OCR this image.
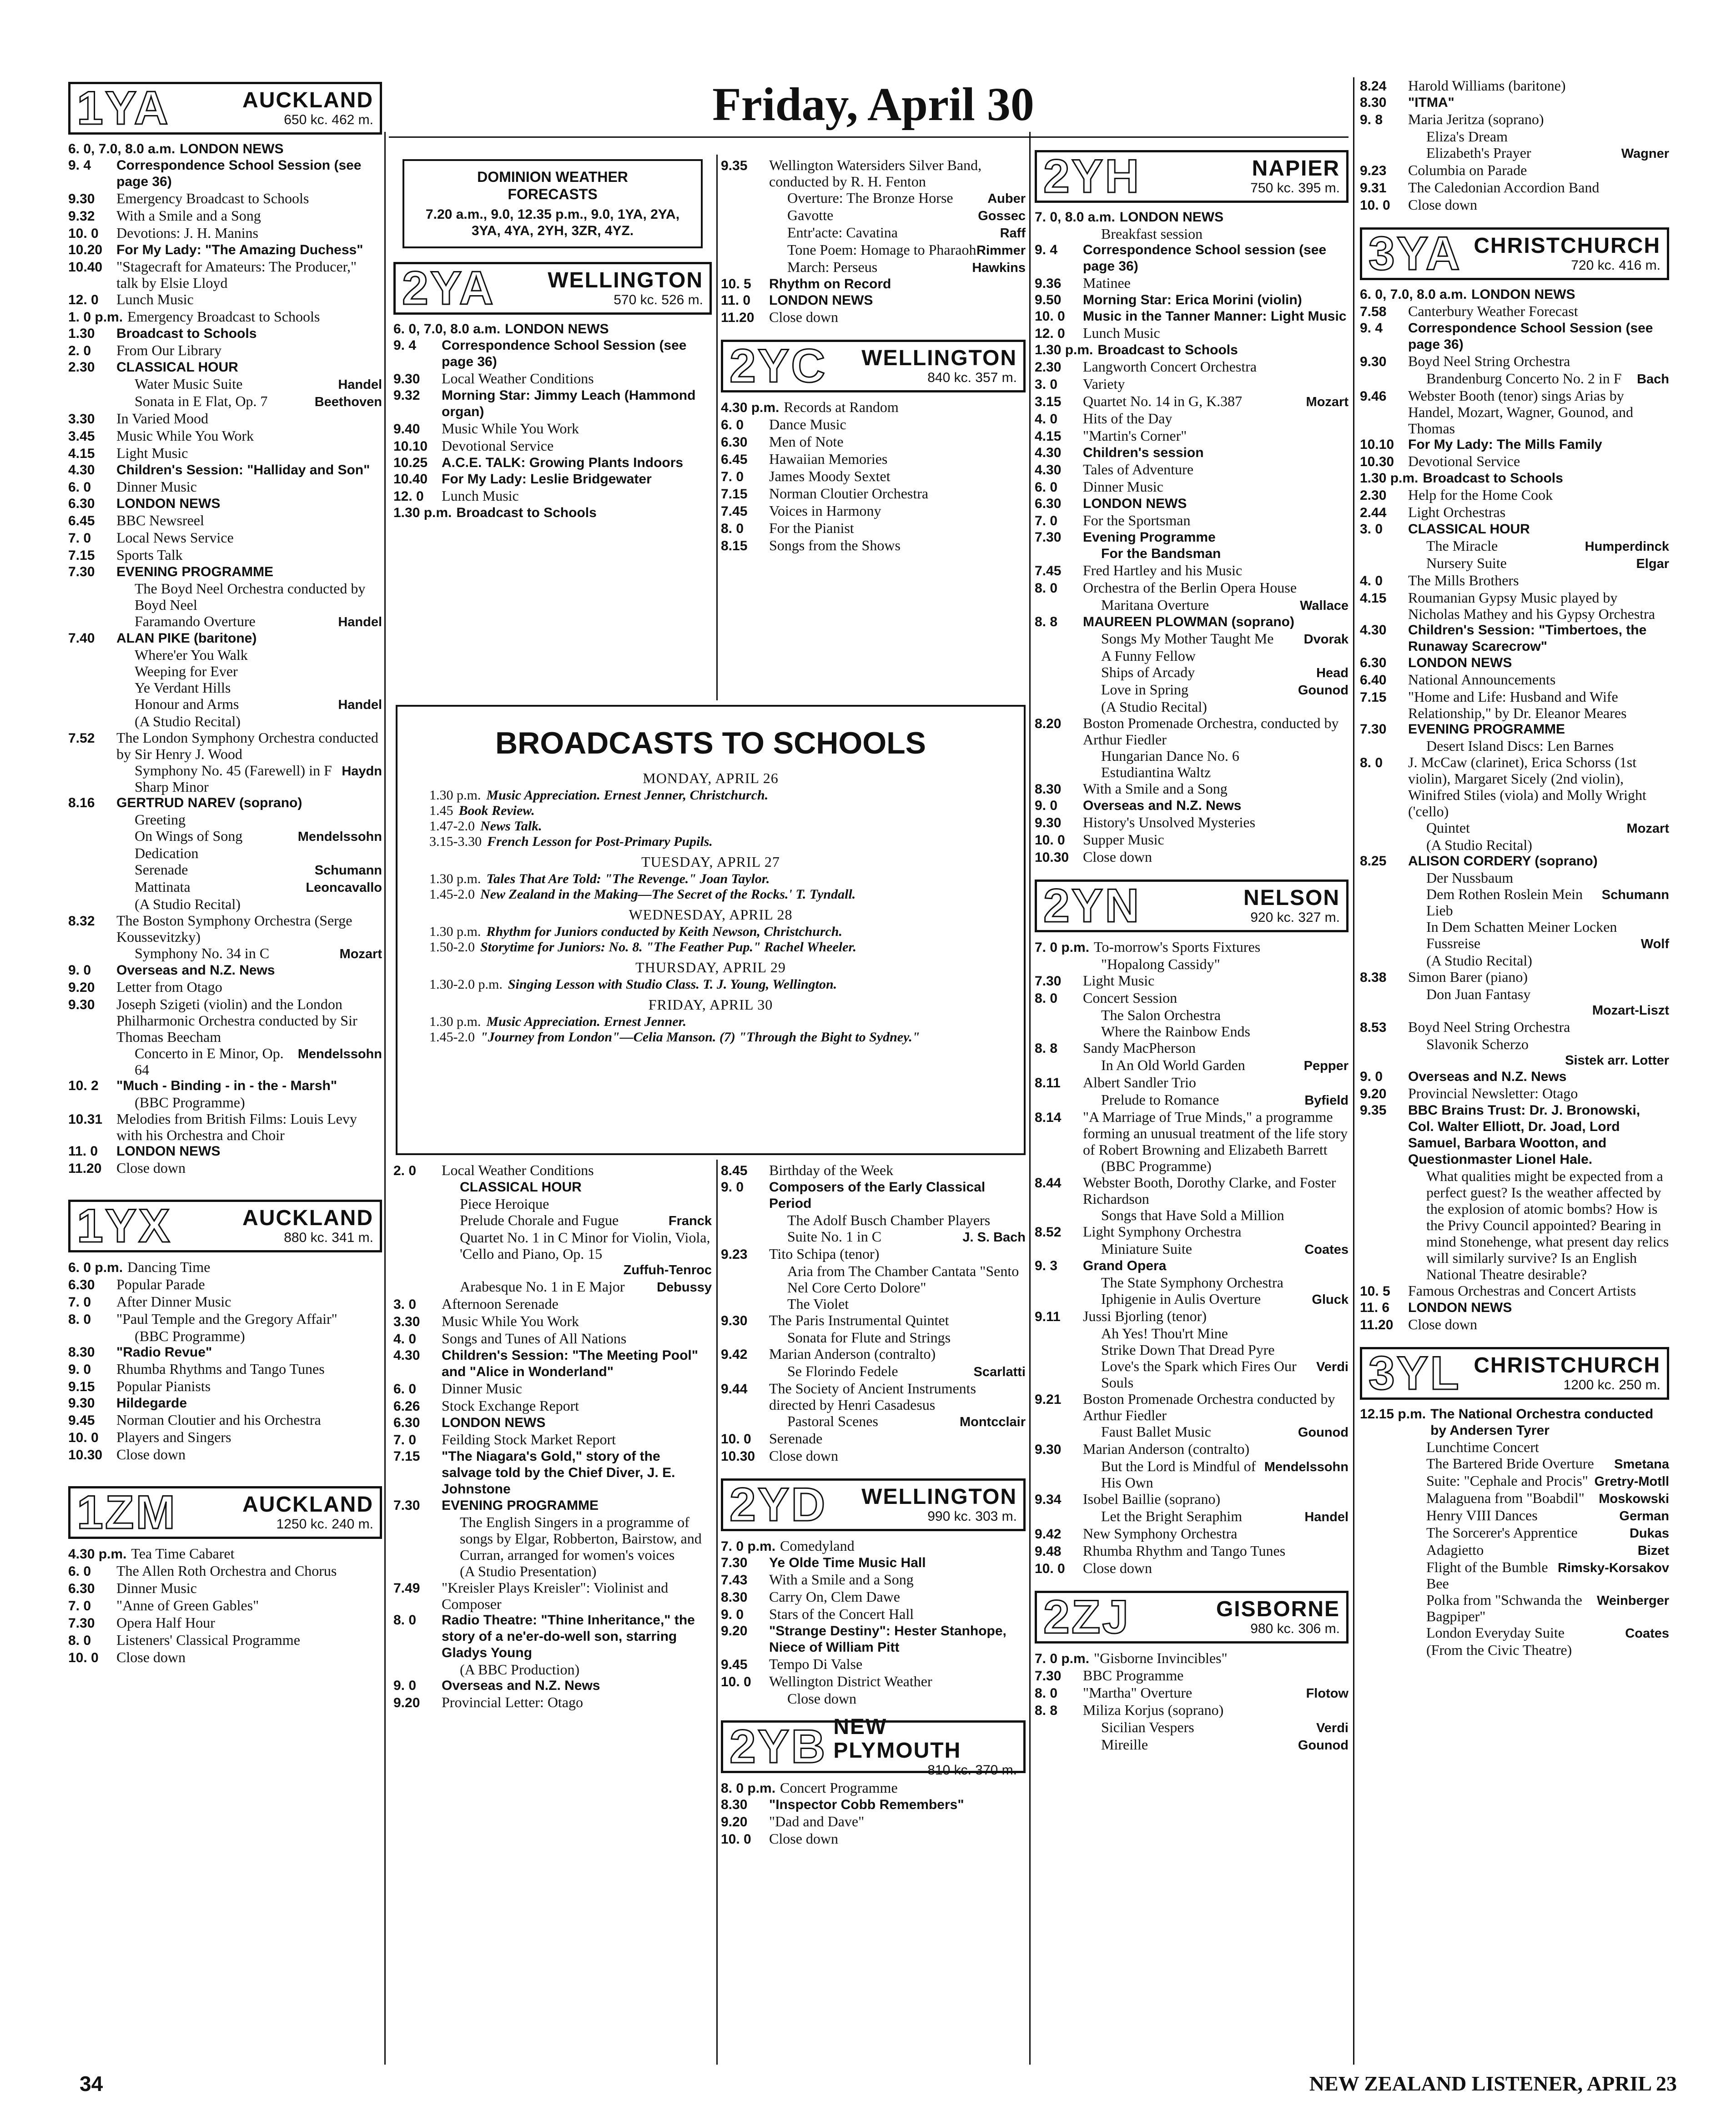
Friday, April 30
1YA	AUCKLAND
650 kc. 462 m.
6. 0, 7.0, 8.0 a.m. LONDON NEWS
9. 4	Correspondence School Session (see page 36)
9.30	Emergency Broadcast to Schools
9.32	With a Smile and a Song
10. 0	Devotions: J. H. Manins
10.20	For My Lady: "The Amazing Duchess"
10.40 "Stagecraft for Amateurs: The Producer," talk by Elsie Lloyd
12. 0	Lunch Music
1. 0 p.m. Emergency Broadcast to Schools
1.30	Broadcast to Schools
2. 0	From Our Library
2.30	CLASSICAL HOUR
Water Music Suite	Handel
Sonata in E Flat, Op. 7	Beethoven
3.30	In Varied Mood
3.45	Music While You Work
4.15	Light Music
4.30	Children's Session: "Halliday and Son"
6. 0	Dinner Music
6.30	LONDON NEWS
6.45	BBC Newsreel
7. 0	Local News Service
7.15	Sports Talk
7.30	EVENING PROGRAMME
The Boyd Neel Orchestra conducted by Boyd Neel
Faramando Overture	Handel
7.40	ALAN PIKE (baritone)
Where'er You Walk
Weeping for Ever
Ye Verdant Hills
Honour and Arms	Handel
(A Studio Recital)
7.52	The London Symphony Orchestra conducted by Sir Henry J. Wood
Symphony No. 45 (Farewell) in F Sharp Minor
Haydn
8.16	GERTRUD NAREV (soprano)
Greeting
On Wings of Song	Mendelssohn
Dedication
Serenade	Schumann
Mattinata	Leoncavallo
(A Studio Recital)
8.32	The Boston Symphony Orchestra (Serge Koussevitzky)
Symphony No. 34 in C	Mozart
9. 0	Overseas and N.Z. News
9.20	Letter from Otago
9.30	Joseph Szigeti (violin) and the London Philharmonic Orchestra conducted by Sir Thomas Beecham
Concerto in E Minor, Op. 64
Mendelssohn
10. 2	"Much - Binding - in - the - Marsh"
(BBC Programme)
10.31 Melodies from British Films: Louis Levy with his Orchestra and Choir
11. 0	LONDON NEWS
11.20	Close down
1YX	AUCKLAND
880 kc. 341 m.
6. 0 p.m. Dancing Time
6.30	Popular Parade
7. 0	After Dinner Music
8. 0	"Paul Temple and the Gregory Affair"
(BBC Programme)
8.30	"Radio Revue"
9. 0	Rhumba Rhythms and Tango Tunes
9.15	Popular Pianists
9.30	Hildegarde
9.45	Norman Cloutier and his Orchestra
10. 0	Players and Singers
10.30 Close down
1ZM	AUCKLAND
1250 kc. 240 m.
4.30 p.m. Tea Time Cabaret
6. 0	The Allen Roth Orchestra and Chorus
6.30	Dinner Music
7. 0	"Anne of Green Gables"
7.30	Opera Half Hour
8. 0	Listeners' Classical Programme
10. 0	Close down
DOMINION WEATHER
FORECASTS
7.20 a.m., 9.0, 12.35 p.m., 9.0, 1YA, 2YA, 3YA, 4YA, 2YH, 3ZR, 4YZ.
2YA WELLINGTON
570 kc. 526 m.
6. 0, 7.0, 8.0 a.m. LONDON NEWS
9. 4	Correspondence School Session (see page 36)
9.30	Local Weather Conditions
9.32	Morning Star: Jimmy Leach (Hammond organ)
9.40	Music While You Work
10.10 Devotional Service
10.25	A.C.E. TALK: Growing Plants Indoors
10.40	For My Lady: Leslie Bridgewater
12. 0	Lunch Music
1.30 p.m. Broadcast to Schools
9.35	Wellington Watersiders Silver Band, conducted by R. H. Fenton
Overture: The Bronze Horse	Auber
Gavotte	Gossec
Entr'acte: Cavatina	Raff
Tone Poem: Homage to Pharaoh Rimmer
March: Perseus	Hawkins
10. 5	Rhythm on Record
11. 0	LONDON NEWS
11.20	Close down
2YC WELLINGTON
840 kc. 357 m.
4.30 p.m. Records at Random
6. 0	Dance Music
6.30	Men of Note
6.45	Hawaiian Memories
7. 0	James Moody Sextet
7.15	Norman Cloutier Orchestra
7.45	Voices in Harmony
8. 0	For the Pianist
8.15	Songs from the Shows
BROADCASTS TO SCHOOLS
MONDAY, APRIL 26
1.30 p.m. Music Appreciation. Ernest Jenner, Christchurch.
1.45 Book Review.
1.47-2.0 News Talk.
3.15-3.30 French Lesson for Post-Primary Pupils.
TUESDAY, APRIL 27
1.30 p.m. Tales That Are Told: "The Revenge." Joan Taylor.
1.45-2.0 New Zealand in the Making—The Secret of the Rocks.' T. Tyndall.
WEDNESDAY, APRIL 28
1.30 p.m. Rhythm for Juniors conducted by Keith Newson, Christchurch.
1.50-2.0 Storytime for Juniors: No. 8. "The Feather Pup." Rachel Wheeler.
THURSDAY, APRIL 29
1.30-2.0 p.m. Singing Lesson with Studio Class. T. J. Young, Wellington.
FRIDAY, APRIL 30
1.30 p.m. Music Appreciation. Ernest Jenner.
1.45-2.0 "Journey from London"—Celia Manson. (7) "Through the Bight to Sydney."
2. 0	Local Weather Conditions
CLASSICAL HOUR
Piece Heroique
Prelude Chorale and Fugue	Franck
Quartet No. 1 in C Minor for Violin, Viola, 'Cello and Piano, Op. 15
Zuffuh-Tenroc
Arabesque No. 1 in E Major	Debussy
3. 0	Afternoon Serenade
3.30	Music While You Work
4. 0	Songs and Tunes of All Nations
4.30	Children's Session: "The Meeting Pool" and "Alice in Wonderland"
6. 0	Dinner Music
6.26	Stock Exchange Report
6.30	LONDON NEWS
7. 0	Feilding Stock Market Report
7.15	"The Niagara's Gold," story of the salvage told by the Chief Diver, J. E. Johnstone
7.30	EVENING PROGRAMME
The English Singers in a programme of songs by Elgar, Robberton, Bairstow, and Curran, arranged for women's voices
(A Studio Presentation)
7.49	"Kreisler Plays Kreisler": Violinist and Composer
8. 0	Radio Theatre: "Thine Inheritance," the story of a ne'er-do-well son, starring Gladys Young
(A BBC Production)
9. 0	Overseas and N.Z. News
9.20	Provincial Letter: Otago
8.45	Birthday of the Week
9. 0	Composers of the Early Classical Period
The Adolf Busch Chamber Players
Suite No. 1 in C	J. S. Bach
9.23	Tito Schipa (tenor)
Aria from The Chamber Cantata "Sento Nel Core Certo Dolore"
The Violet
9.30	The Paris Instrumental Quintet
Sonata for Flute and Strings
9.42	Marian Anderson (contralto)
Se Florindo Fedele	Scarlatti
9.44	The Society of Ancient Instruments directed by Henri Casadesus
Pastoral Scenes	Montcclair
10. 0	Serenade
10.30 Close down
2YD WELLINGTON
990 kc. 303 m.
7. 0 p.m. Comedyland
7.30	Ye Olde Time Music Hall
7.43	With a Smile and a Song
8.30	Carry On, Clem Dawe
9. 0	Stars of the Concert Hall
9.20	"Strange Destiny": Hester Stanhope, Niece of William Pitt
9.45	Tempo Di Valse
10. 0	Wellington District Weather
Close down
2YB NEW PLYMOUTH
810 kc. 370 m.
8. 0 p.m. Concert Programme
8.30	"Inspector Cobb Remembers"
9.20	"Dad and Dave"
10. 0	Close down
2YH	NAPIER
750 kc. 395 m.
7. 0, 8.0 a.m. LONDON NEWS
Breakfast session
9. 4	Correspondence School session (see page 36)
9.36	Matinee
9.50	Morning Star: Erica Morini (violin)
10. 0	Music in the Tanner Manner: Light Music
12. 0	Lunch Music
1.30 p.m. Broadcast to Schools
2.30	Langworth Concert Orchestra
3. 0	Variety
3.15	Quartet No. 14 in G, K.387	Mozart
4. 0	Hits of the Day
4.15	"Martin's Corner"
4.30	Children's session
4.30	Tales of Adventure
6. 0	Dinner Music
6.30	LONDON NEWS
7. 0	For the Sportsman
7.30	Evening Programme
For the Bandsman
7.45	Fred Hartley and his Music
8. 0	Orchestra of the Berlin Opera House
Maritana Overture	Wallace
8. 8	MAUREEN PLOWMAN (soprano)
Songs My Mother Taught Me	Dvorak
A Funny Fellow
Ships of Arcady	Head
Love in Spring	Gounod
(A Studio Recital)
8.20	Boston Promenade Orchestra, conducted by Arthur Fiedler
Hungarian Dance No. 6
Estudiantina Waltz
8.30	With a Smile and a Song
9. 0	Overseas and N.Z. News
9.30	History's Unsolved Mysteries
10. 0	Supper Music
10.30 Close down
2YN	NELSON
920 kc. 327 m.
7. 0 p.m. To-morrow's Sports Fixtures
"Hopalong Cassidy"
7.30	Light Music
8. 0	Concert Session
The Salon Orchestra
Where the Rainbow Ends
8. 8	Sandy MacPherson
In An Old World Garden	Pepper
8.11	Albert Sandler Trio
Prelude to Romance	Byfield
8.14	"A Marriage of True Minds," a programme forming an unusual treatment of the life story of Robert Browning and Elizabeth Barrett
(BBC Programme)
8.44	Webster Booth, Dorothy Clarke, and Foster Richardson
Songs that Have Sold a Million
8.52	Light Symphony Orchestra
Miniature Suite	Coates
9. 3	Grand Opera
The State Symphony Orchestra
Iphigenie in Aulis Overture	Gluck
9.11	Jussi Bjorling (tenor)
Ah Yes! Thou'rt Mine
Strike Down That Dread Pyre
Love's the Spark which Fires Our Souls
Verdi
9.21	Boston Promenade Orchestra conducted by Arthur Fiedler
Faust Ballet Music	Gounod
9.30	Marian Anderson (contralto)
But the Lord is Mindful of His Own
Mendelssohn
9.34	Isobel Baillie (soprano)
Let the Bright Seraphim	Handel
9.42	New Symphony Orchestra
9.48	Rhumba Rhythm and Tango Tunes
10. 0	Close down
2ZJ	GISBORNE
980 kc. 306 m.
7. 0 p.m. "Gisborne Invincibles"
7.30	BBC Programme
8. 0	"Martha" Overture	Flotow
8. 8	Miliza Korjus (soprano)
Sicilian Vespers	Verdi
Mireille	Gounod
8.24	Harold Williams (baritone)
8.30	"ITMA"
9. 8	Maria Jeritza (soprano)
Eliza's Dream
Elizabeth's Prayer	Wagner
9.23	Columbia on Parade
9.31	The Caledonian Accordion Band
10. 0	Close down
3YA CHRISTCHURCH
720 kc. 416 m.
6. 0, 7.0, 8.0 a.m. LONDON NEWS
7.58	Canterbury Weather Forecast
9. 4	Correspondence School Session (see page 36)
9.30	Boyd Neel String Orchestra
Brandenburg Concerto No. 2 in F	Bach
9.46	Webster Booth (tenor) sings Arias by Handel, Mozart, Wagner, Gounod, and Thomas
10.10	For My Lady: The Mills Family
10.30 Devotional Service
1.30 p.m. Broadcast to Schools
2.30	Help for the Home Cook
2.44	Light Orchestras
3. 0	CLASSICAL HOUR
The Miracle	Humperdinck
Nursery Suite	Elgar
4. 0	The Mills Brothers
4.15	Roumanian Gypsy Music played by Nicholas Mathey and his Gypsy Orchestra
4.30	Children's Session: "Timbertoes, the Runaway Scarecrow"
6.30	LONDON NEWS
6.40	National Announcements
7.15	"Home and Life: Husband and Wife Relationship," by Dr. Eleanor Meares
7.30	EVENING PROGRAMME
Desert Island Discs: Len Barnes
8. 0	J. McCaw (clarinet), Erica Schorss (1st violin), Margaret Sicely (2nd violin), Winifred Stiles (viola) and Molly Wright ('cello)
Quintet	Mozart
(A Studio Recital)
8.25	ALISON CORDERY (soprano)
Der Nussbaum
Dem Rothen Roslein Mein Lieb
Schumann
In Dem Schatten Meiner Locken
Fussreise	Wolf
(A Studio Recital)
8.38	Simon Barer (piano)
Don Juan Fantasy
Mozart-Liszt
8.53	Boyd Neel String Orchestra
Slavonik Scherzo
Sistek arr. Lotter
9. 0	Overseas and N.Z. News
9.20	Provincial Newsletter: Otago
9.35	BBC Brains Trust: Dr. J. Bronowski, Col. Walter Elliott, Dr. Joad, Lord Samuel, Barbara Wootton, and Questionmaster Lionel Hale.
What qualities might be expected from a perfect guest? Is the weather affected by the explosion of atomic bombs? How is the Privy Council appointed? Bearing in mind Stonehenge, what present day relics will similarly survive? Is an English National Theatre desirable?
10. 5	Famous Orchestras and Concert Artists
11. 6	LONDON NEWS
11.20	Close down
3YL CHRISTCHURCH
1200 kc. 250 m.
12.15 p.m. The National Orchestra conducted by Andersen Tyrer
Lunchtime Concert
The Bartered Bride Overture	Smetana
Suite: "Cephale and Procis" Gretry-Motll
Malaguena from "Boabdil"	Moskowski
Henry VIII Dances	German
The Sorcerer's Apprentice	Dukas
Adagietto	Bizet
Flight of the Bumble Bee
Rimsky-Korsakov
Polka from "Schwanda the Bagpiper"
Weinberger
London Everyday Suite	Coates
(From the Civic Theatre)
34	NEW ZEALAND LISTENER, APRIL 23
